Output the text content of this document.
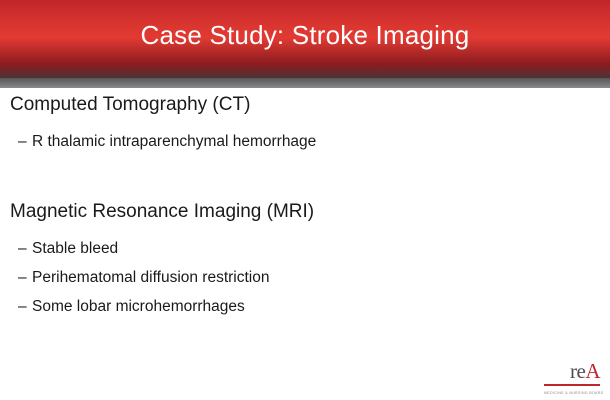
Case Study: Stroke Imaging
Computed Tomography (CT)
– R thalamic intraparenchymal hemorrhage
Magnetic Resonance Imaging (MRI)
– Stable bleed
– Perihematomal diffusion restriction
– Some lobar microhemorrhages
reA
MEDICINE & NURSING BOARD
